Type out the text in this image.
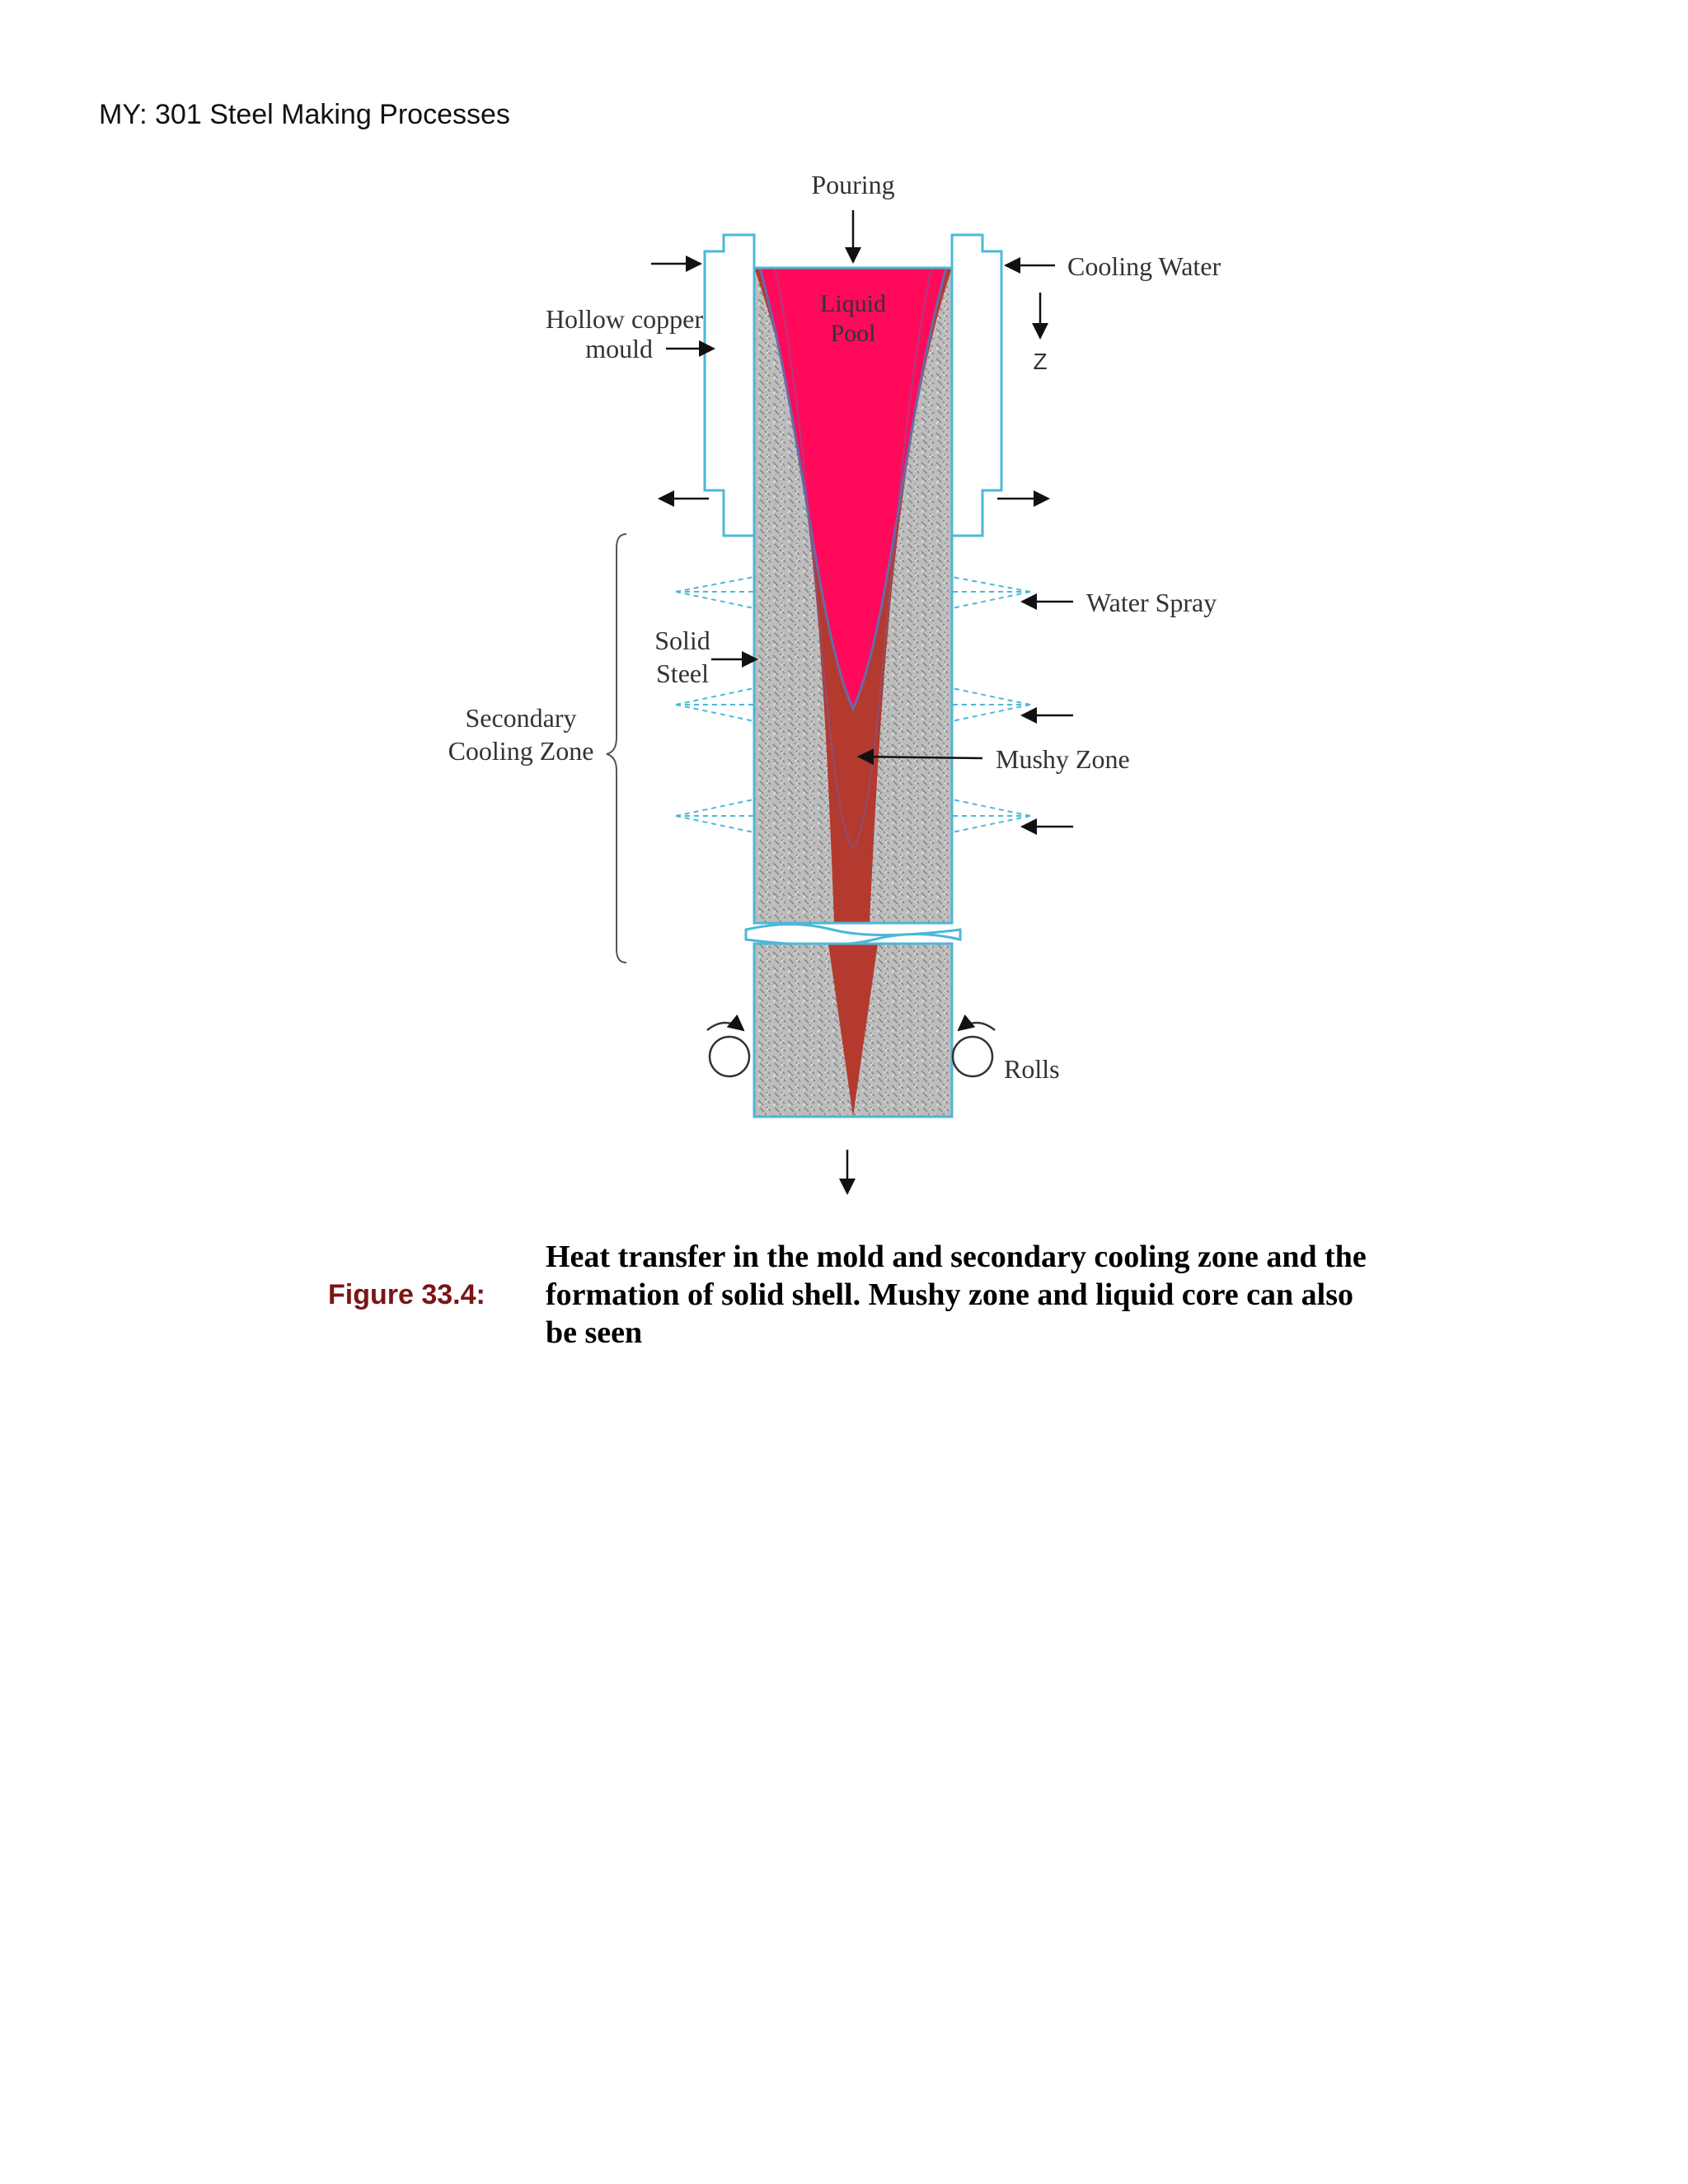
MY: 301 Steel Making Processes
Pouring
Cooling Water
Z
Hollow copper
mould
Liquid
Pool
Water Spray
Solid
Steel
Secondary
Cooling Zone	Mushy Zone
Rolls
Figure 33.4:
Heat transfer in the mold and secondary cooling zone and the formation of solid shell. Mushy zone and liquid core can also be seen
